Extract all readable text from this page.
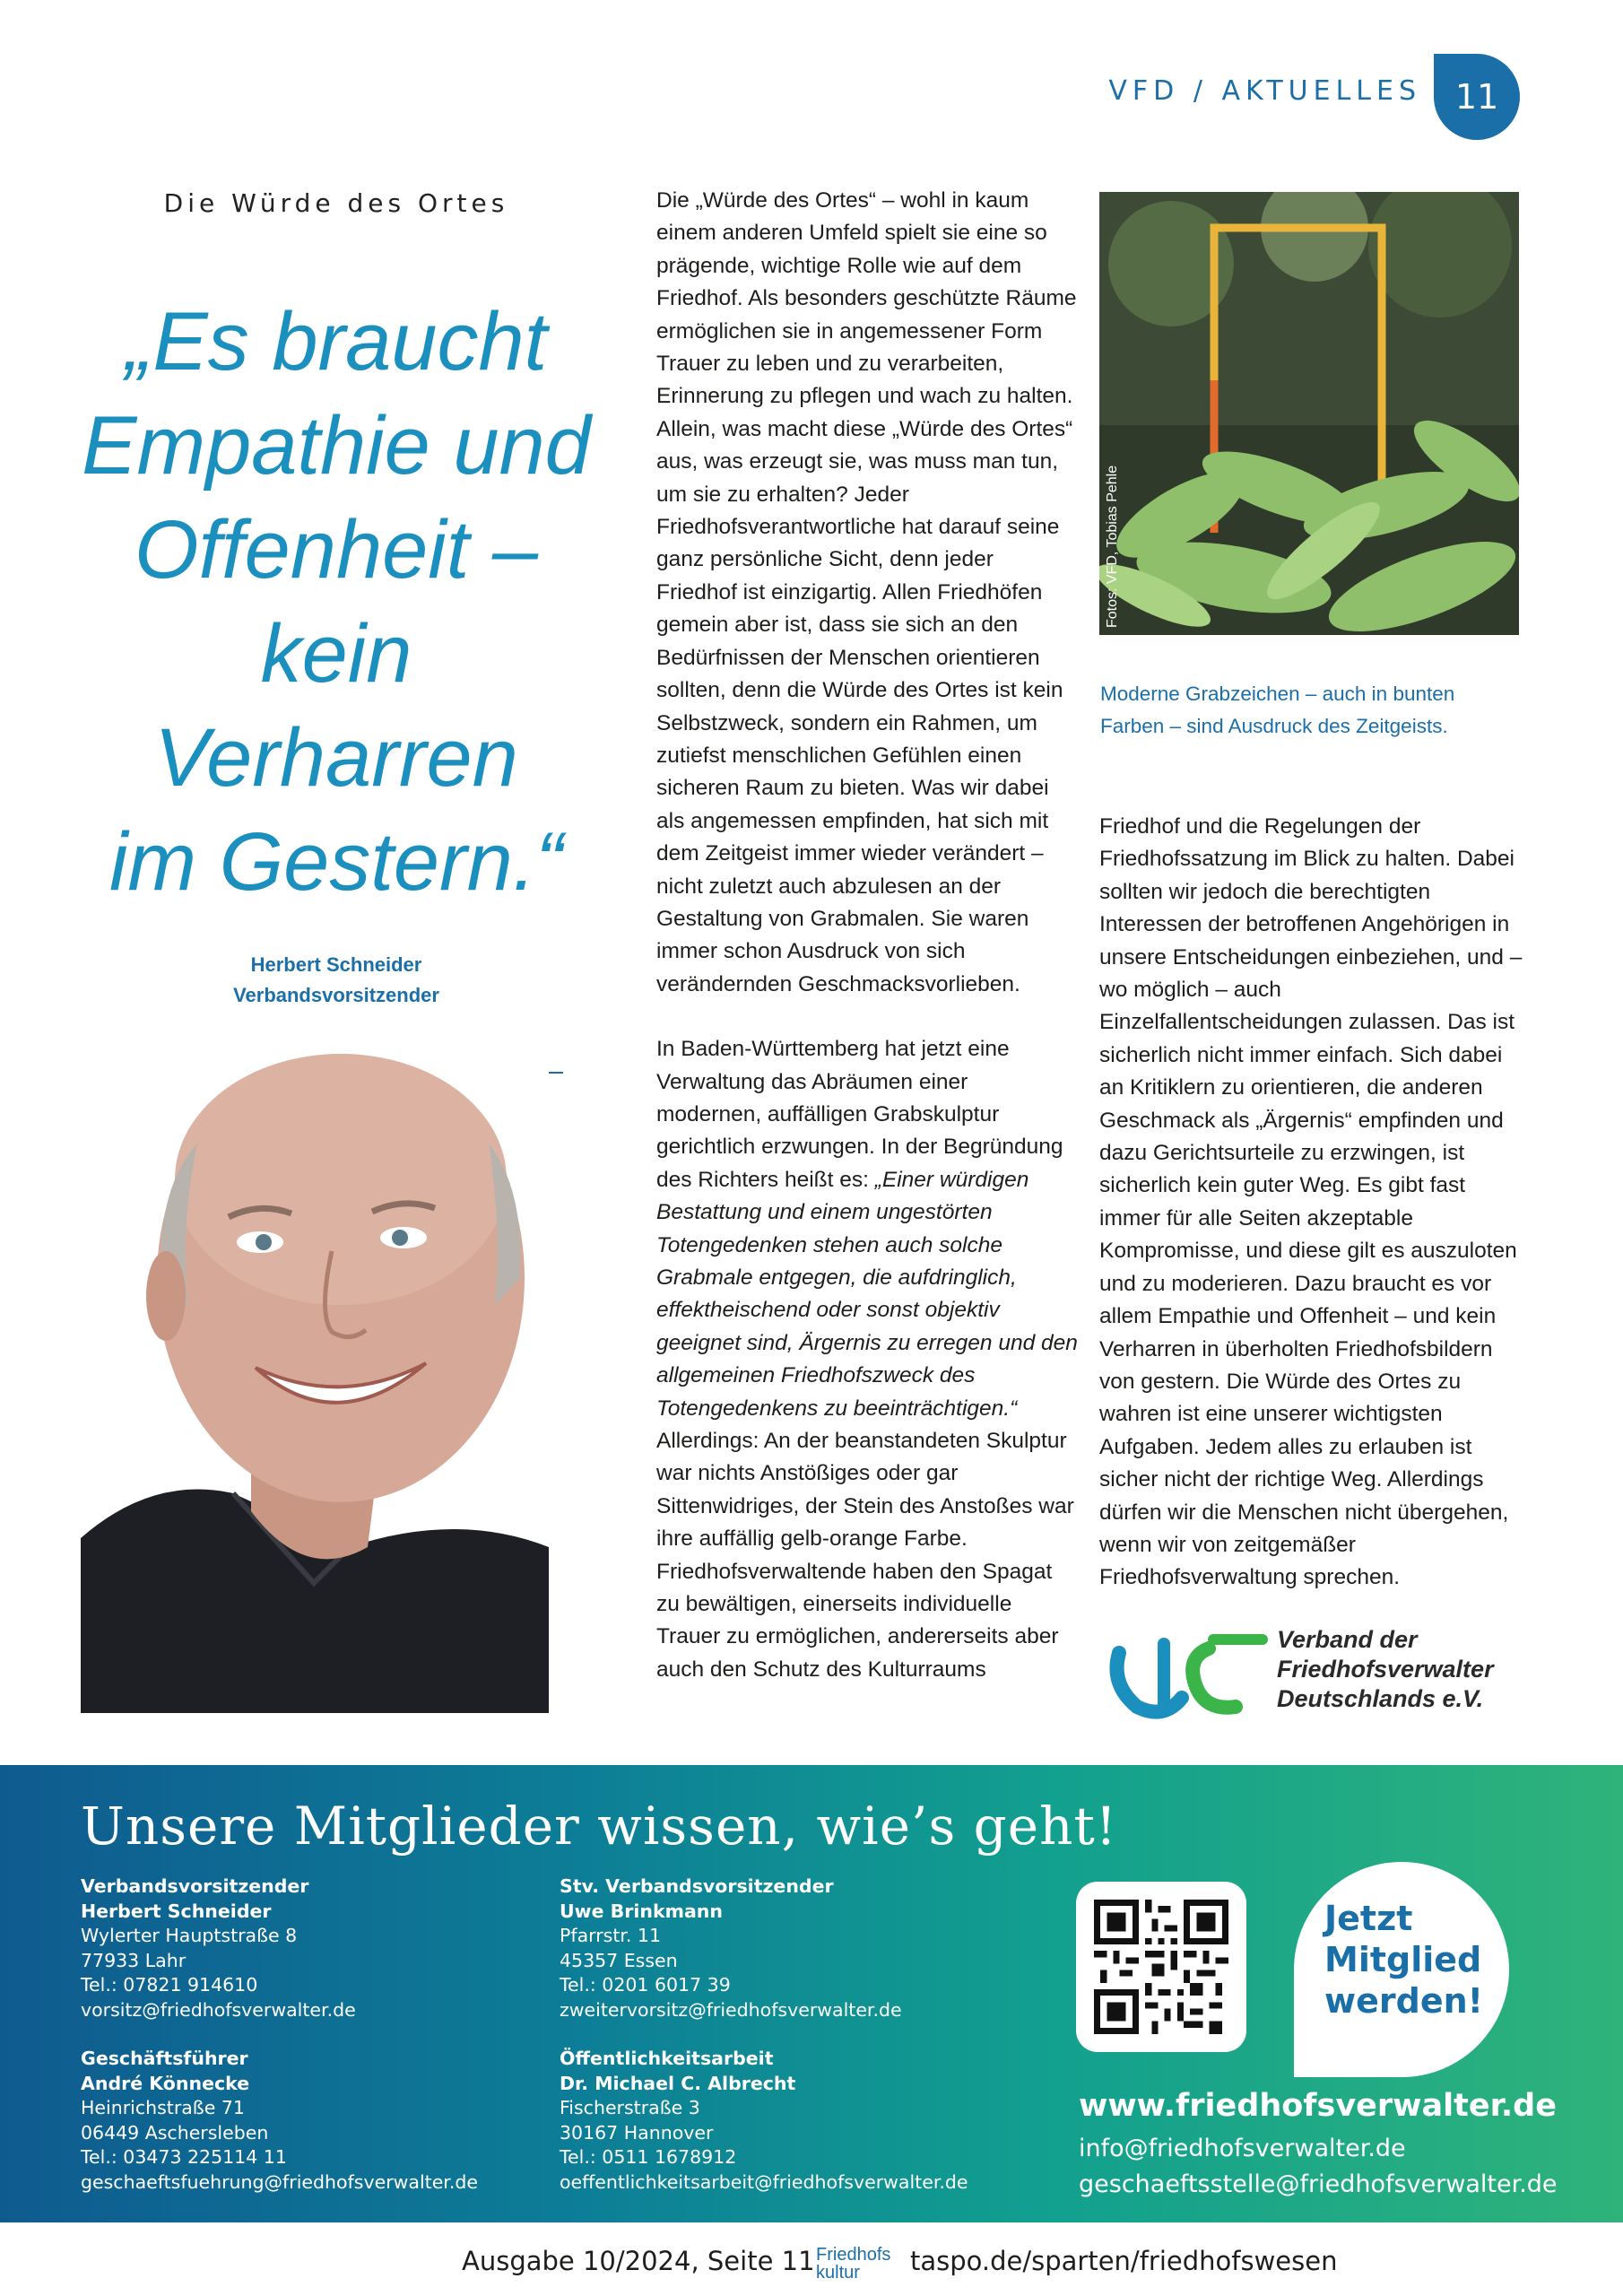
VFD / AKTUELLES 11
Die Würde des Ortes
„Es braucht
Empathie und
Offenheit –
kein Verharren
im Gestern.“
Herbert Schneider
Verbandsvorsitzender

Die „Würde des Ortes“ – wohl in kaum einem anderen Umfeld spielt sie eine so prägende, wichtige Rolle wie auf dem Friedhof. Als besonders geschützte Räume ermöglichen sie in angemessener Form Trauer zu leben und zu verarbeiten, Erinnerung zu pflegen und wach zu halten. Allein, was macht diese „Würde des Ortes“ aus, was erzeugt sie, was muss man tun, um sie zu erhalten? Jeder Friedhofsverantwortliche hat darauf seine ganz persönliche Sicht, denn jeder Friedhof ist einzigartig. Allen Friedhöfen gemein aber ist, dass sie sich an den Bedürfnissen der Menschen orientieren sollten, denn die Würde des Ortes ist kein Selbstzweck, sondern ein Rahmen, um zutiefst menschlichen Gefühlen einen sicheren Raum zu bieten. Was wir dabei als angemessen empfinden, hat sich mit dem Zeitgeist immer wieder verändert – nicht zuletzt auch abzulesen an der Gestaltung von Grabmalen. Sie waren immer schon Ausdruck von sich verändernden Geschmacksvorlieben.

In Baden-Württemberg hat jetzt eine Verwaltung das Abräumen einer modernen, auffälligen Grabskulptur gerichtlich erzwungen. In der Begründung des Richters heißt es: „Einer würdigen Bestattung und einem ungestörten Totengedenken stehen auch solche Grabmale entgegen, die aufdringlich, effektheischend oder sonst objektiv geeignet sind, Ärgernis zu erregen und den allgemeinen Friedhofszweck des Totengedenkens zu beeinträchtigen.“ Allerdings: An der beanstandeten Skulptur war nichts Anstößiges oder gar Sittenwidriges, der Stein des Anstoßes war ihre auffällig gelb-orange Farbe. Friedhofsverwaltende haben den Spagat zu bewältigen, einerseits individuelle Trauer zu ermöglichen, andererseits aber auch den Schutz des Kulturraums

Fotos: VFD, Tobias Pehle
Moderne Grabzeichen – auch in bunten Farben – sind Ausdruck des Zeitgeists.
Friedhof und die Regelungen der Friedhofssatzung im Blick zu halten. Dabei sollten wir jedoch die berechtigten Interessen der betroffenen Angehörigen in unsere Entscheidungen einbeziehen, und – wo möglich – auch Einzelfallentscheidungen zulassen. Das ist sicherlich nicht immer einfach. Sich dabei an Kritiklern zu orientieren, die anderen Geschmack als „Ärgernis“ empfinden und dazu Gerichtsurteile zu erzwingen, ist sicherlich kein guter Weg. Es gibt fast immer für alle Seiten akzeptable Kompromisse, und diese gilt es auszuloten und zu moderieren. Dazu braucht es vor allem Empathie und Offenheit – und kein Verharren in überholten Friedhofsbildern von gestern. Die Würde des Ortes zu wahren ist eine unserer wichtigsten Aufgaben. Jedem alles zu erlauben ist sicher nicht der richtige Weg. Allerdings dürfen wir die Menschen nicht übergehen, wenn wir von zeitgemäßer Friedhofsverwaltung sprechen.
Verband der
Friedhofsverwalter
Deutschlands e.V.
Unsere Mitglieder wissen, wie’s geht!
Verbandsvorsitzender
Herbert Schneider
Wylerter Hauptstraße 8
77933 Lahr
Tel.: 07821 914610
vorsitz@friedhofsverwalter.de
Stv. Verbandsvorsitzender
Uwe Brinkmann
Pfarrstr. 11
45357 Essen
Tel.: 0201 6017 39
zweitervorsitz@friedhofsverwalter.de
Geschäftsführer
André Könnecke
Heinrichstraße 71
06449 Aschersleben
Tel.: 03473 225114 11
geschaeftsfuehrung@friedhofsverwalter.de
Öffentlichkeitsarbeit
Dr. Michael C. Albrecht
Fischerstraße 3
30167 Hannover
Tel.: 0511 1678912
oeffentlichkeitsarbeit@friedhofsverwalter.de
Jetzt
Mitglied
werden!
www.friedhofsverwalter.de
info@friedhofsverwalter.de
geschaeftsstelle@friedhofsverwalter.de
Ausgabe 10/2024, Seite 11 Friedhofs
kultur taspo.de/sparten/friedhofswesen
